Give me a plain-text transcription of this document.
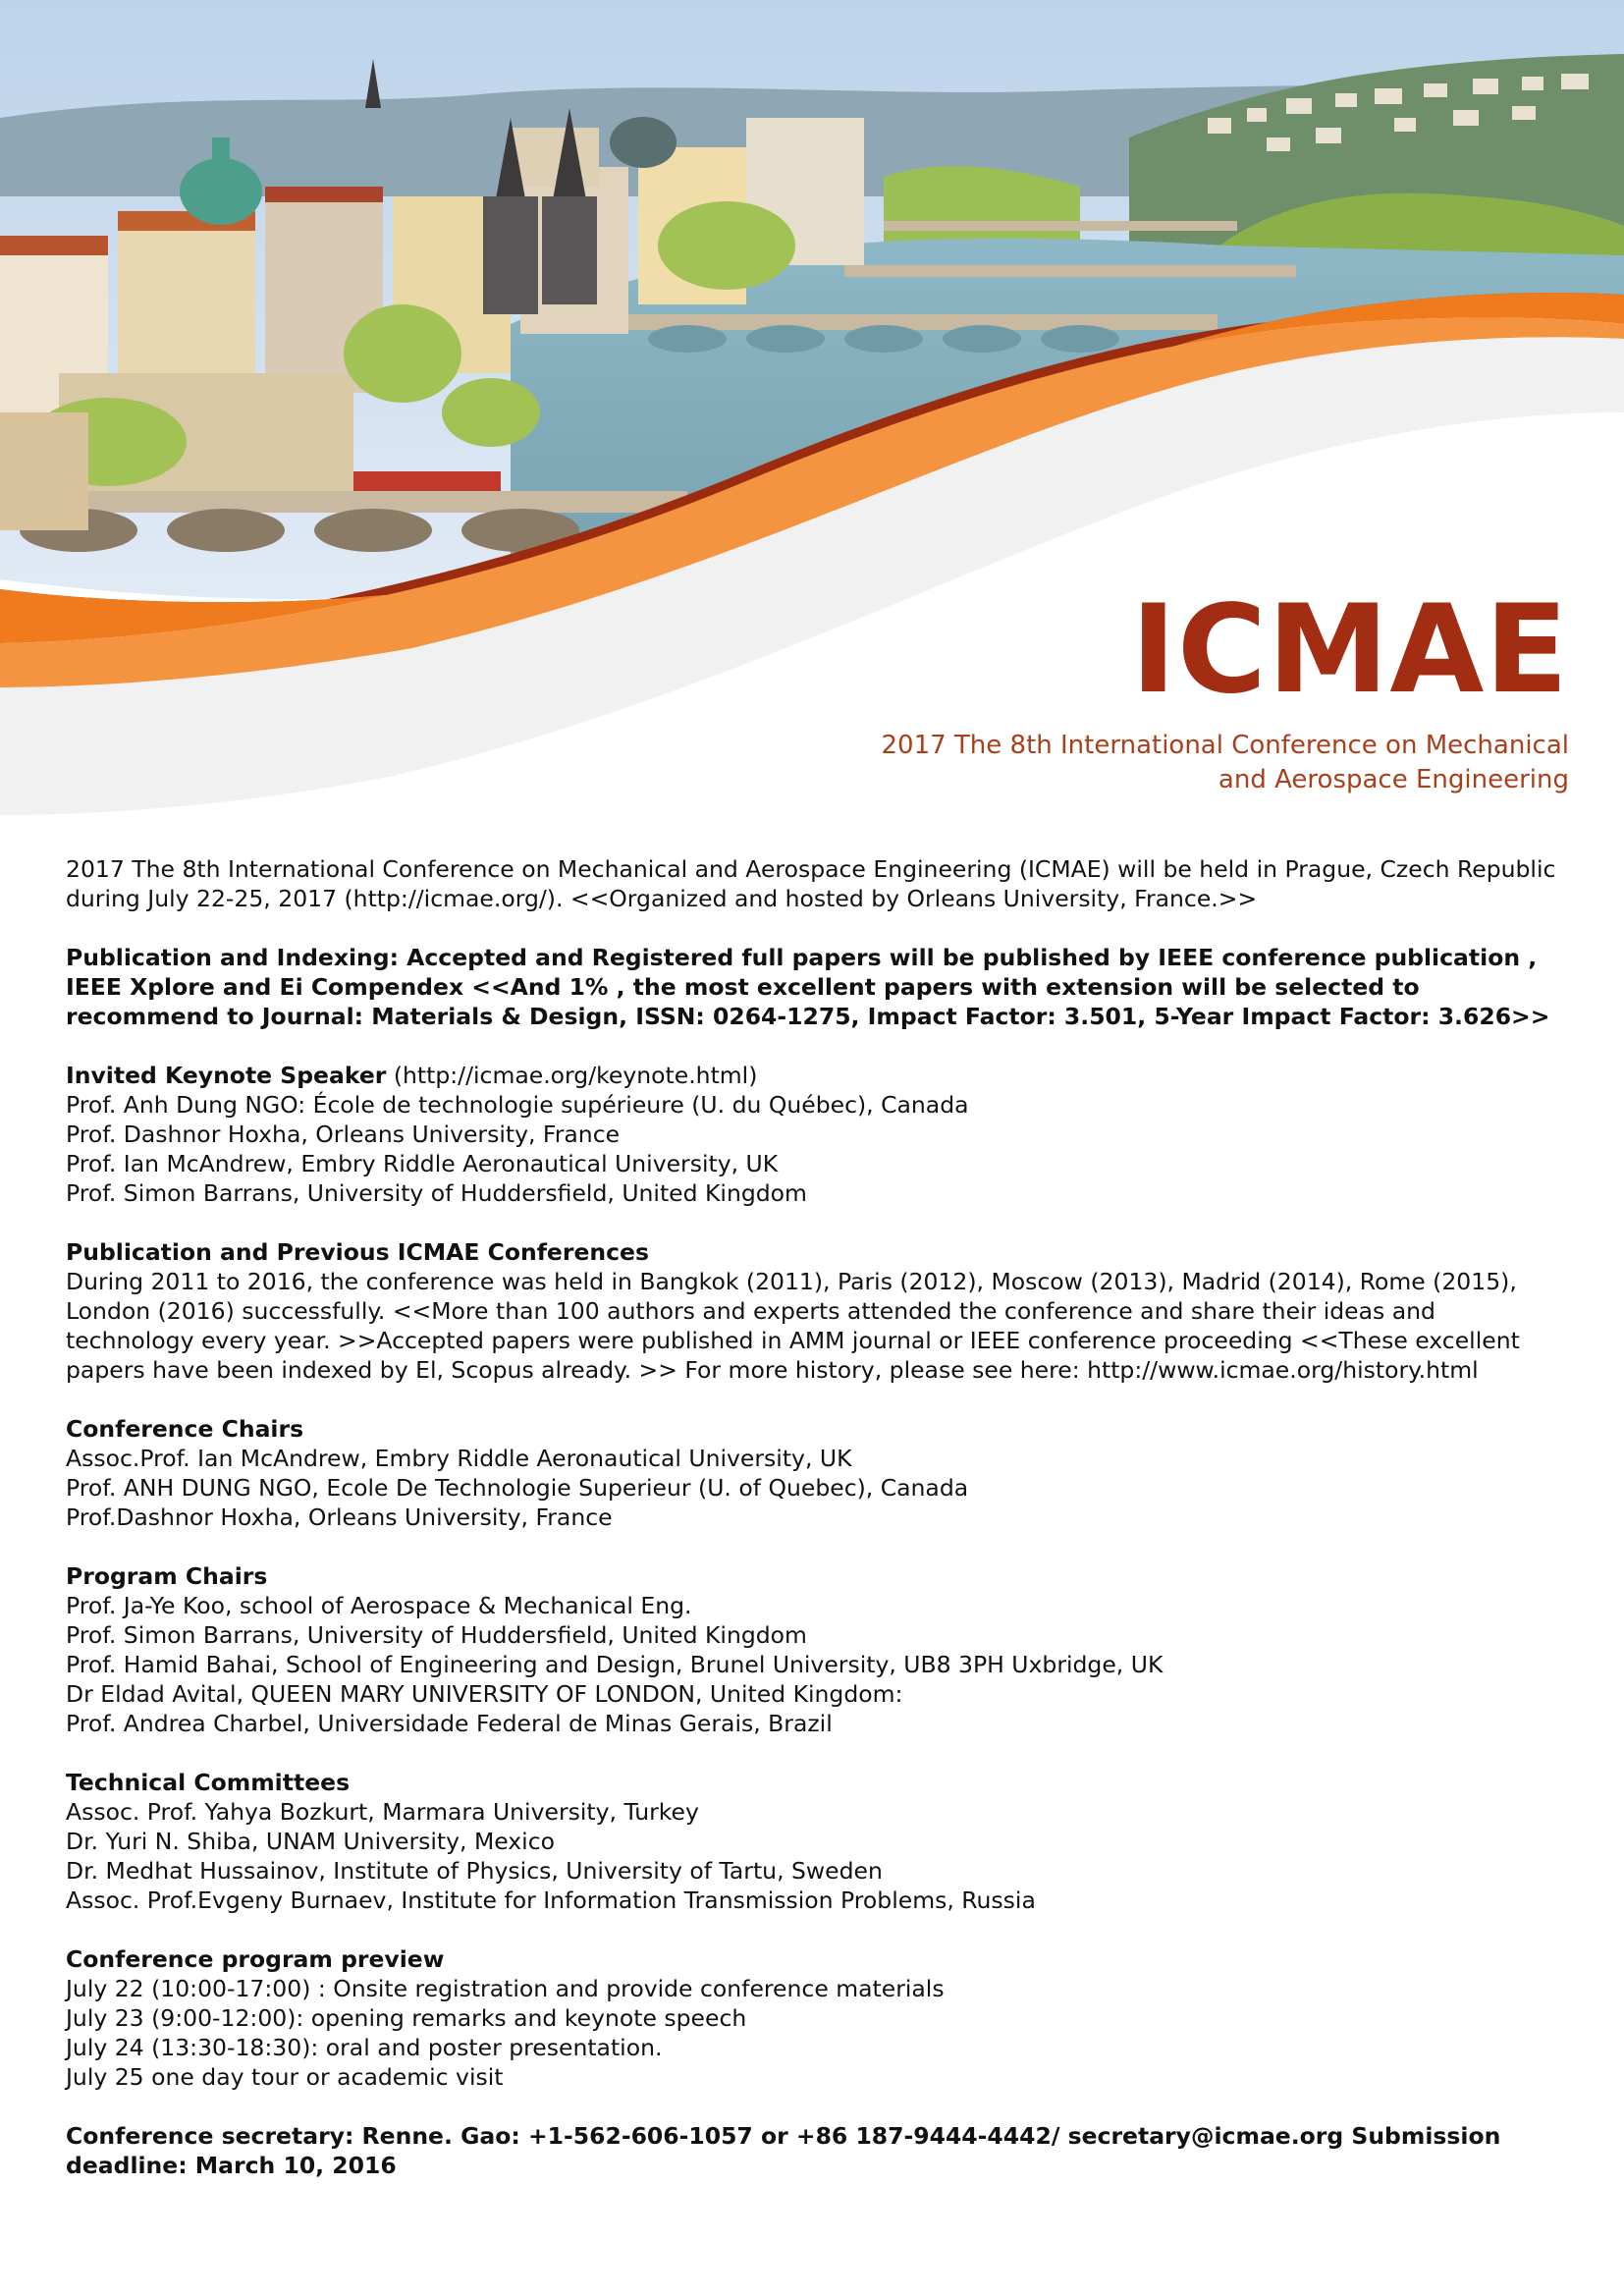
ICMAE
2017 The 8th International Conference on Mechanical
and Aerospace Engineering

2017 The 8th International Conference on Mechanical and Aerospace Engineering (ICMAE) will be held in Prague, Czech Republic during July 22-25, 2017 (http://icmae.org/). <<Organized and hosted by Orleans University, France.>>

Publication and Indexing: Accepted and Registered full papers will be published by IEEE conference publication , IEEE Xplore and Ei Compendex <<And 1% , the most excellent papers with extension will be selected to recommend to Journal: Materials & Design, ISSN: 0264-1275, Impact Factor: 3.501, 5-Year Impact Factor: 3.626>>

Invited Keynote Speaker (http://icmae.org/keynote.html)
Prof. Anh Dung NGO: École de technologie supérieure (U. du Québec), Canada
Prof. Dashnor Hoxha, Orleans University, France
Prof. Ian McAndrew, Embry Riddle Aeronautical University, UK
Prof. Simon Barrans, University of Huddersfield, United Kingdom
Publication and Previous ICMAE Conferences
During 2011 to 2016, the conference was held in Bangkok (2011), Paris (2012), Moscow (2013), Madrid (2014), Rome (2015), London (2016) successfully. <<More than 100 authors and experts attended the conference and share their ideas and technology every year. >>Accepted papers were published in AMM journal or IEEE conference proceeding <<These excellent papers have been indexed by El, Scopus already. >> For more history, please see here: http://www.icmae.org/history.html
Conference Chairs
Assoc.Prof. Ian McAndrew, Embry Riddle Aeronautical University, UK
Prof. ANH DUNG NGO, Ecole De Technologie Superieur (U. of Quebec), Canada
Prof.Dashnor Hoxha, Orleans University, France
Program Chairs
Prof. Ja-Ye Koo, school of Aerospace & Mechanical Eng.
Prof. Simon Barrans, University of Huddersfield, United Kingdom
Prof. Hamid Bahai, School of Engineering and Design, Brunel University, UB8 3PH Uxbridge, UK
Dr Eldad Avital, QUEEN MARY UNIVERSITY OF LONDON, United Kingdom:
Prof. Andrea Charbel, Universidade Federal de Minas Gerais, Brazil
Technical Committees
Assoc. Prof. Yahya Bozkurt, Marmara University, Turkey
Dr. Yuri N. Shiba, UNAM University, Mexico
Dr. Medhat Hussainov, Institute of Physics, University of Tartu, Sweden
Assoc. Prof.Evgeny Burnaev, Institute for Information Transmission Problems, Russia
Conference program preview
July 22 (10:00-17:00) : Onsite registration and provide conference materials
July 23 (9:00-12:00): opening remarks and keynote speech
July 24 (13:30-18:30): oral and poster presentation.
July 25 one day tour or academic visit

Conference secretary: Renne. Gao: +1-562-606-1057 or +86 187-9444-4442/ secretary@icmae.org Submission deadline: March 10, 2016
